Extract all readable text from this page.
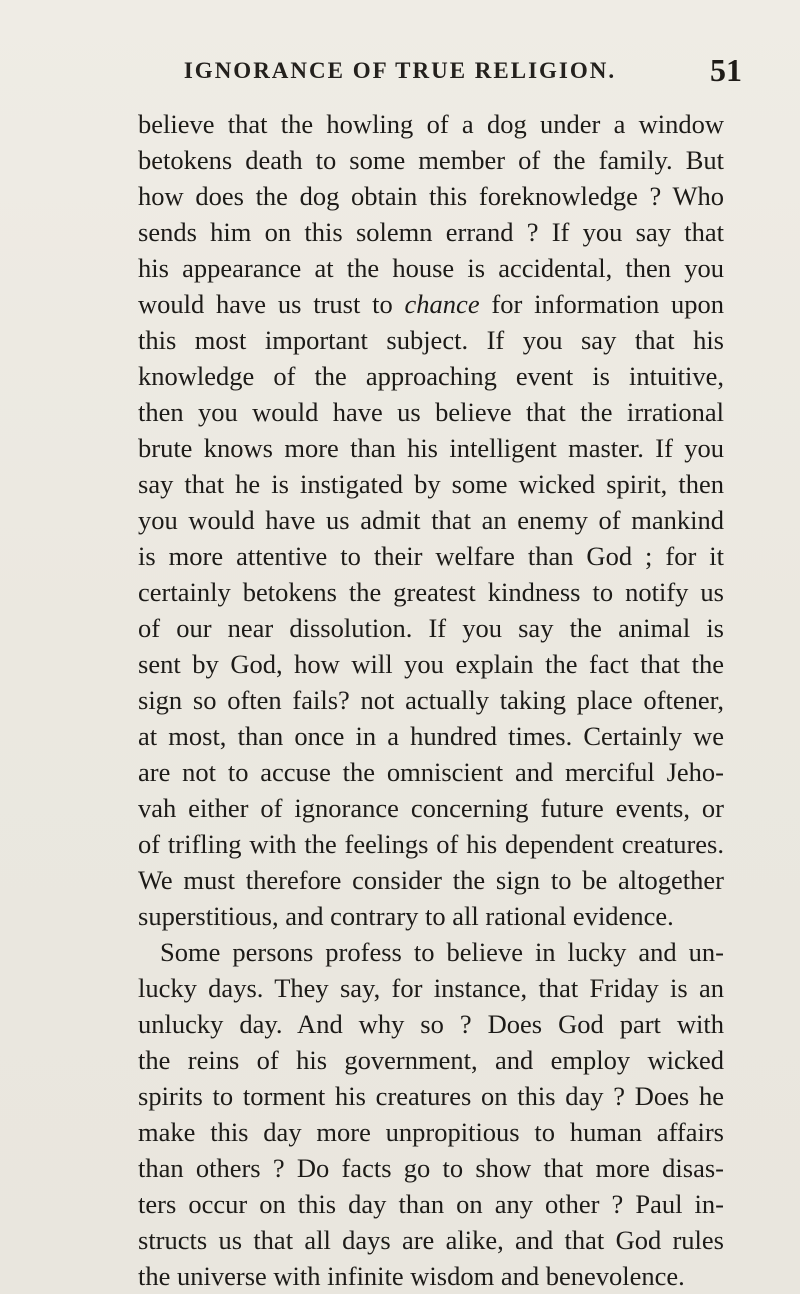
IGNORANCE OF TRUE RELIGION.	51
believe that the howling of a dog under a window
betokens death to some member of the family. But
how does the dog obtain this foreknowledge ? Who
sends him on this solemn errand ? If you say that
his appearance at the house is accidental, then you
would have us trust to chance for information upon
this most important subject. If you say that his
knowledge of the approaching event is intuitive,
then you would have us believe that the irrational
brute knows more than his intelligent master. If you
say that he is instigated by some wicked spirit, then
you would have us admit that an enemy of mankind
is more attentive to their welfare than God ; for it
certainly betokens the greatest kindness to notify us
of our near dissolution. If you say the animal is
sent by God, how will you explain the fact that the
sign so often fails? not actually taking place oftener,
at most, than once in a hundred times. Certainly we
are not to accuse the omniscient and merciful Jeho-
vah either of ignorance concerning future events, or
of trifling with the feelings of his dependent creatures.
We must therefore consider the sign to be altogether
superstitious, and contrary to all rational evidence.
Some persons profess to believe in lucky and un-
lucky days. They say, for instance, that Friday is an
unlucky day. And why so ? Does God part with
the reins of his government, and employ wicked
spirits to torment his creatures on this day ? Does he
make this day more unpropitious to human affairs
than others ? Do facts go to show that more disas-
ters occur on this day than on any other ? Paul in-
structs us that all days are alike, and that God rules
the universe with infinite wisdom and benevolence.
